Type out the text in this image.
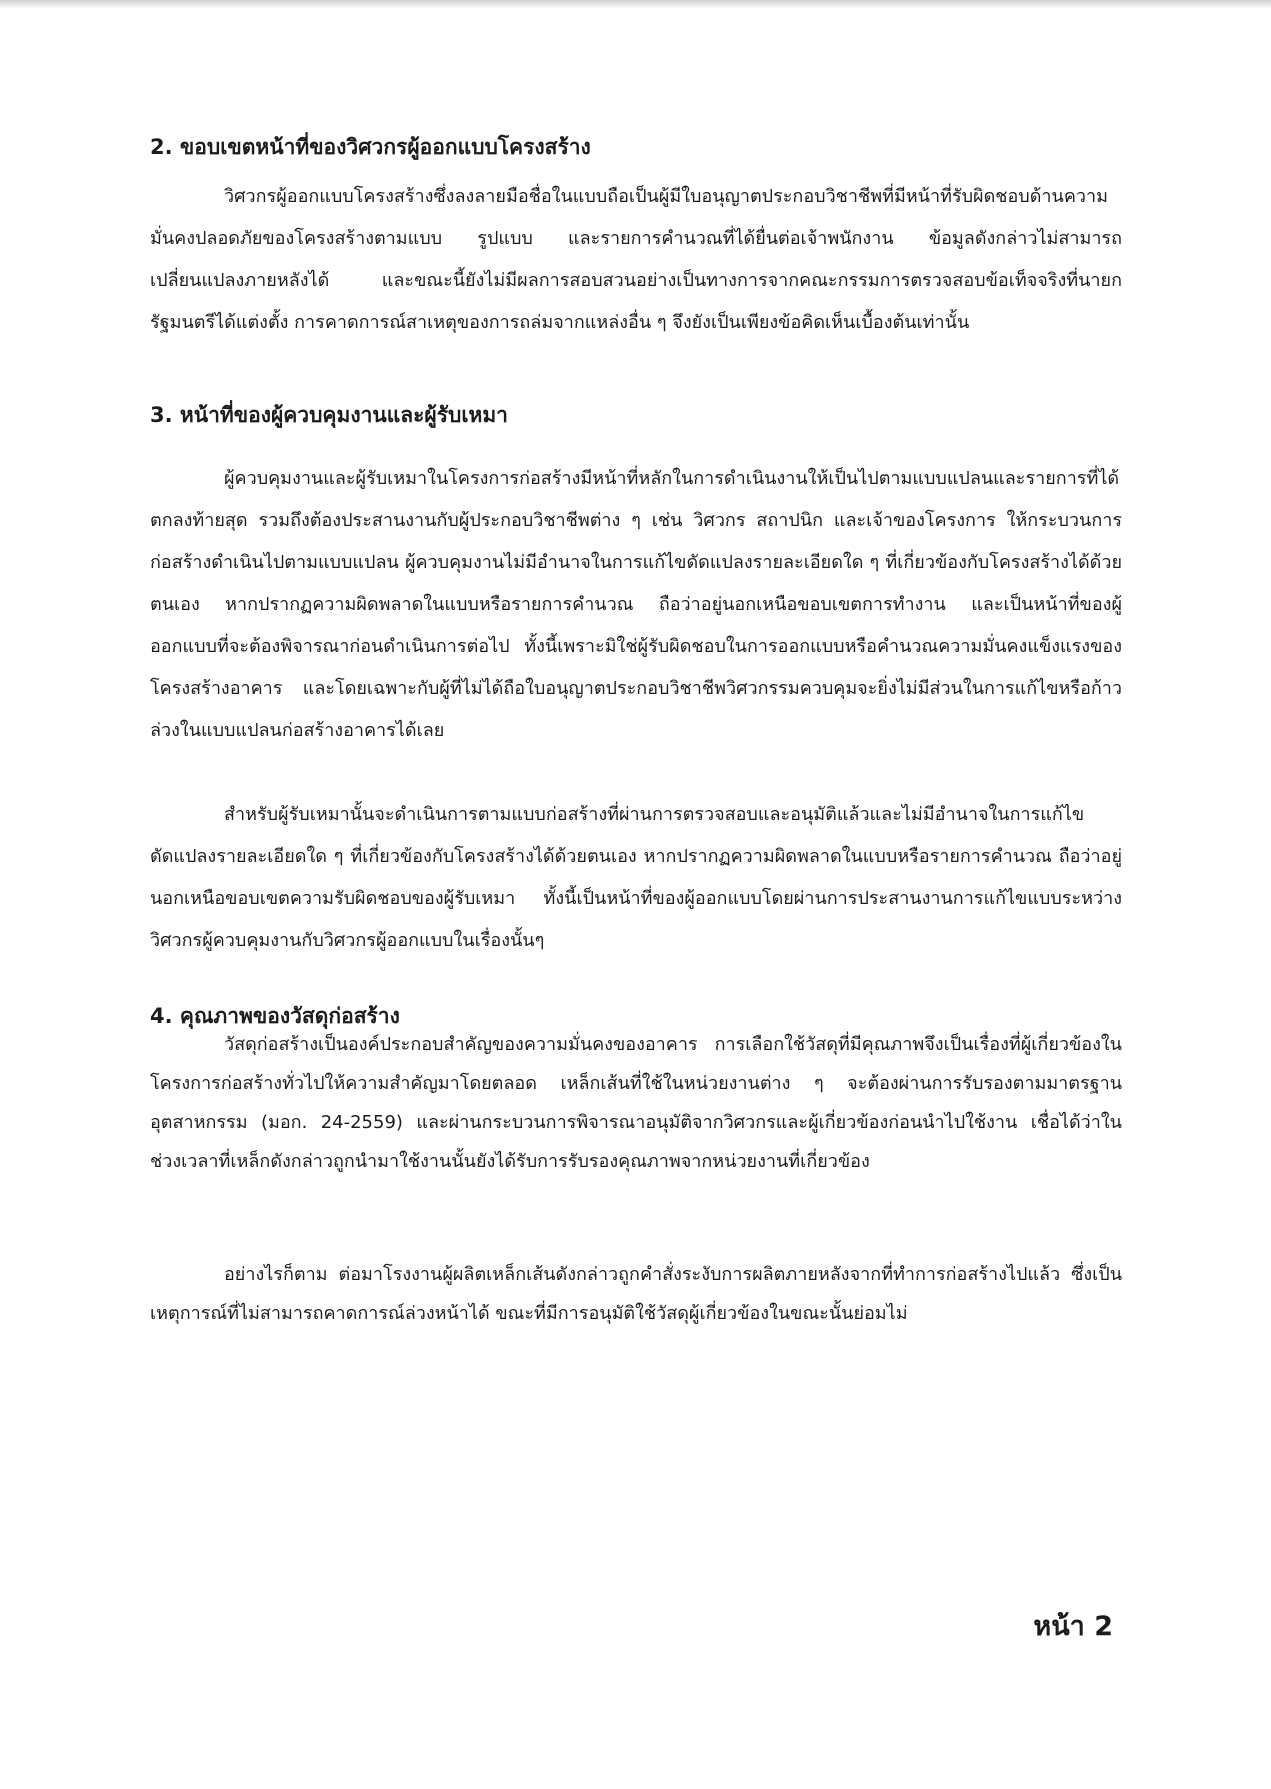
2. ขอบเขตหน้าที่ของวิศวกรผู้ออกแบบโครงสร้าง

วิศวกรผู้ออกแบบโครงสร้างซึ่งลงลายมือชื่อในแบบถือเป็นผู้มีใบอนุญาตประกอบวิชาชีพที่มีหน้าที่รับผิดชอบด้านความมั่นคงปลอดภัยของโครงสร้างตามแบบ รูปแบบ และรายการคำนวณที่ได้ยื่นต่อเจ้าพนักงาน ข้อมูลดังกล่าวไม่สามารถเปลี่ยนแปลงภายหลังได้ และขณะนี้ยังไม่มีผลการสอบสวนอย่างเป็นทางการจากคณะกรรมการตรวจสอบข้อเท็จจริงที่นายกรัฐมนตรีได้แต่งตั้ง การคาดการณ์สาเหตุของการถล่มจากแหล่งอื่น ๆ จึงยังเป็นเพียงข้อคิดเห็นเบื้องต้นเท่านั้น

3. หน้าที่ของผู้ควบคุมงานและผู้รับเหมา

ผู้ควบคุมงานและผู้รับเหมาในโครงการก่อสร้างมีหน้าที่หลักในการดำเนินงานให้เป็นไปตามแบบแปลนและรายการที่ได้ตกลงท้ายสุด รวมถึงต้องประสานงานกับผู้ประกอบวิชาชีพต่าง ๆ เช่น วิศวกร สถาปนิก และเจ้าของโครงการ ให้กระบวนการก่อสร้างดำเนินไปตามแบบแปลน ผู้ควบคุมงานไม่มีอำนาจในการแก้ไขดัดแปลงรายละเอียดใด ๆ ที่เกี่ยวข้องกับโครงสร้างได้ด้วยตนเอง หากปรากฏความผิดพลาดในแบบหรือรายการคำนวณ ถือว่าอยู่นอกเหนือขอบเขตการทำงาน และเป็นหน้าที่ของผู้ออกแบบที่จะต้องพิจารณาก่อนดำเนินการต่อไป ทั้งนี้เพราะมิใช่ผู้รับผิดชอบในการออกแบบหรือคำนวณความมั่นคงแข็งแรงของโครงสร้างอาคาร และโดยเฉพาะกับผู้ที่ไม่ได้ถือใบอนุญาตประกอบวิชาชีพวิศวกรรมควบคุมจะยิ่งไม่มีส่วนในการแก้ไขหรือก้าวล่วงในแบบแปลนก่อสร้างอาคารได้เลย

สำหรับผู้รับเหมานั้นจะดำเนินการตามแบบก่อสร้างที่ผ่านการตรวจสอบและอนุมัติแล้วและไม่มีอำนาจในการแก้ไขดัดแปลงรายละเอียดใด ๆ ที่เกี่ยวข้องกับโครงสร้างได้ด้วยตนเอง หากปรากฏความผิดพลาดในแบบหรือรายการคำนวณ ถือว่าอยู่นอกเหนือขอบเขตความรับผิดชอบของผู้รับเหมา ทั้งนี้เป็นหน้าที่ของผู้ออกแบบโดยผ่านการประสานงานการแก้ไขแบบระหว่างวิศวกรผู้ควบคุมงานกับวิศวกรผู้ออกแบบในเรื่องนั้นๆ

4. คุณภาพของวัสดุก่อสร้าง

วัสดุก่อสร้างเป็นองค์ประกอบสำคัญของความมั่นคงของอาคาร การเลือกใช้วัสดุที่มีคุณภาพจึงเป็นเรื่องที่ผู้เกี่ยวข้องในโครงการก่อสร้างทั่วไปให้ความสำคัญมาโดยตลอด เหล็กเส้นที่ใช้ในหน่วยงานต่าง ๆ จะต้องผ่านการรับรองตามมาตรฐานอุตสาหกรรม (มอก. 24-2559) และผ่านกระบวนการพิจารณาอนุมัติจากวิศวกรและผู้เกี่ยวข้องก่อนนำไปใช้งาน เชื่อได้ว่าในช่วงเวลาที่เหล็กดังกล่าวถูกนำมาใช้งานนั้นยังได้รับการรับรองคุณภาพจากหน่วยงานที่เกี่ยวข้อง

อย่างไรก็ตาม ต่อมาโรงงานผู้ผลิตเหล็กเส้นดังกล่าวถูกคำสั่งระงับการผลิตภายหลังจากที่ทำการก่อสร้างไปแล้ว ซึ่งเป็นเหตุการณ์ที่ไม่สามารถคาดการณ์ล่วงหน้าได้ ขณะที่มีการอนุมัติใช้วัสดุผู้เกี่ยวข้องในขณะนั้นย่อมไม่

หน้า 2
